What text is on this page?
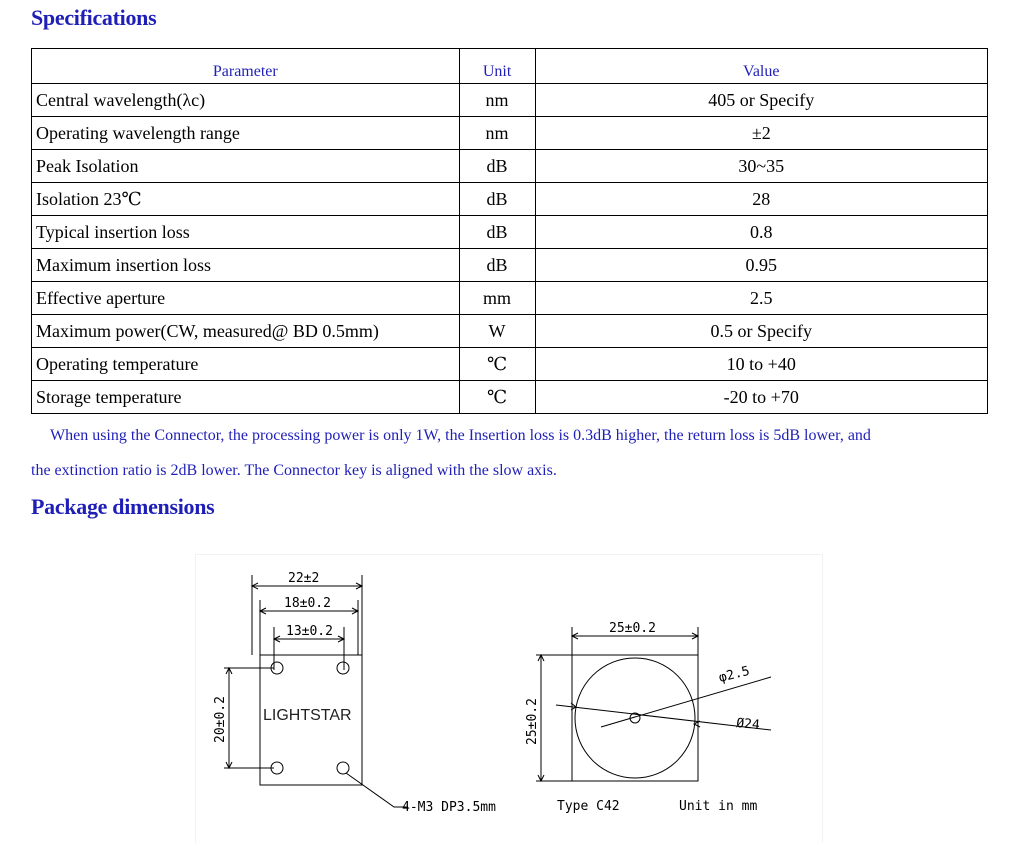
Specifications
Parameter	Unit	Value
Central wavelength(λc)	nm	405 or Specify
Operating wavelength range	nm	±2
Peak Isolation	dB	30~35
Isolation 23℃	dB	28
Typical insertion loss	dB	0.8
Maximum insertion loss	dB	0.95
Effective aperture	mm	2.5
Maximum power(CW, measured@ BD 0.5mm)	W	0.5 or Specify
Operating temperature	℃	10 to +40
Storage temperature	℃	-20 to +70
When using the Connector, the processing power is only 1W, the Insertion loss is 0.3dB higher, the return loss is 5dB lower, and
the extinction ratio is 2dB lower. The Connector key is aligned with the slow axis.
Package dimensions
22±2
18±0.2
13±0.2
20±0.2 LIGHTSTAR
4-M3 DP3.5mm
25±0.2
25±0.2
φ2.5
Ø24
Type C42	Unit in mm
